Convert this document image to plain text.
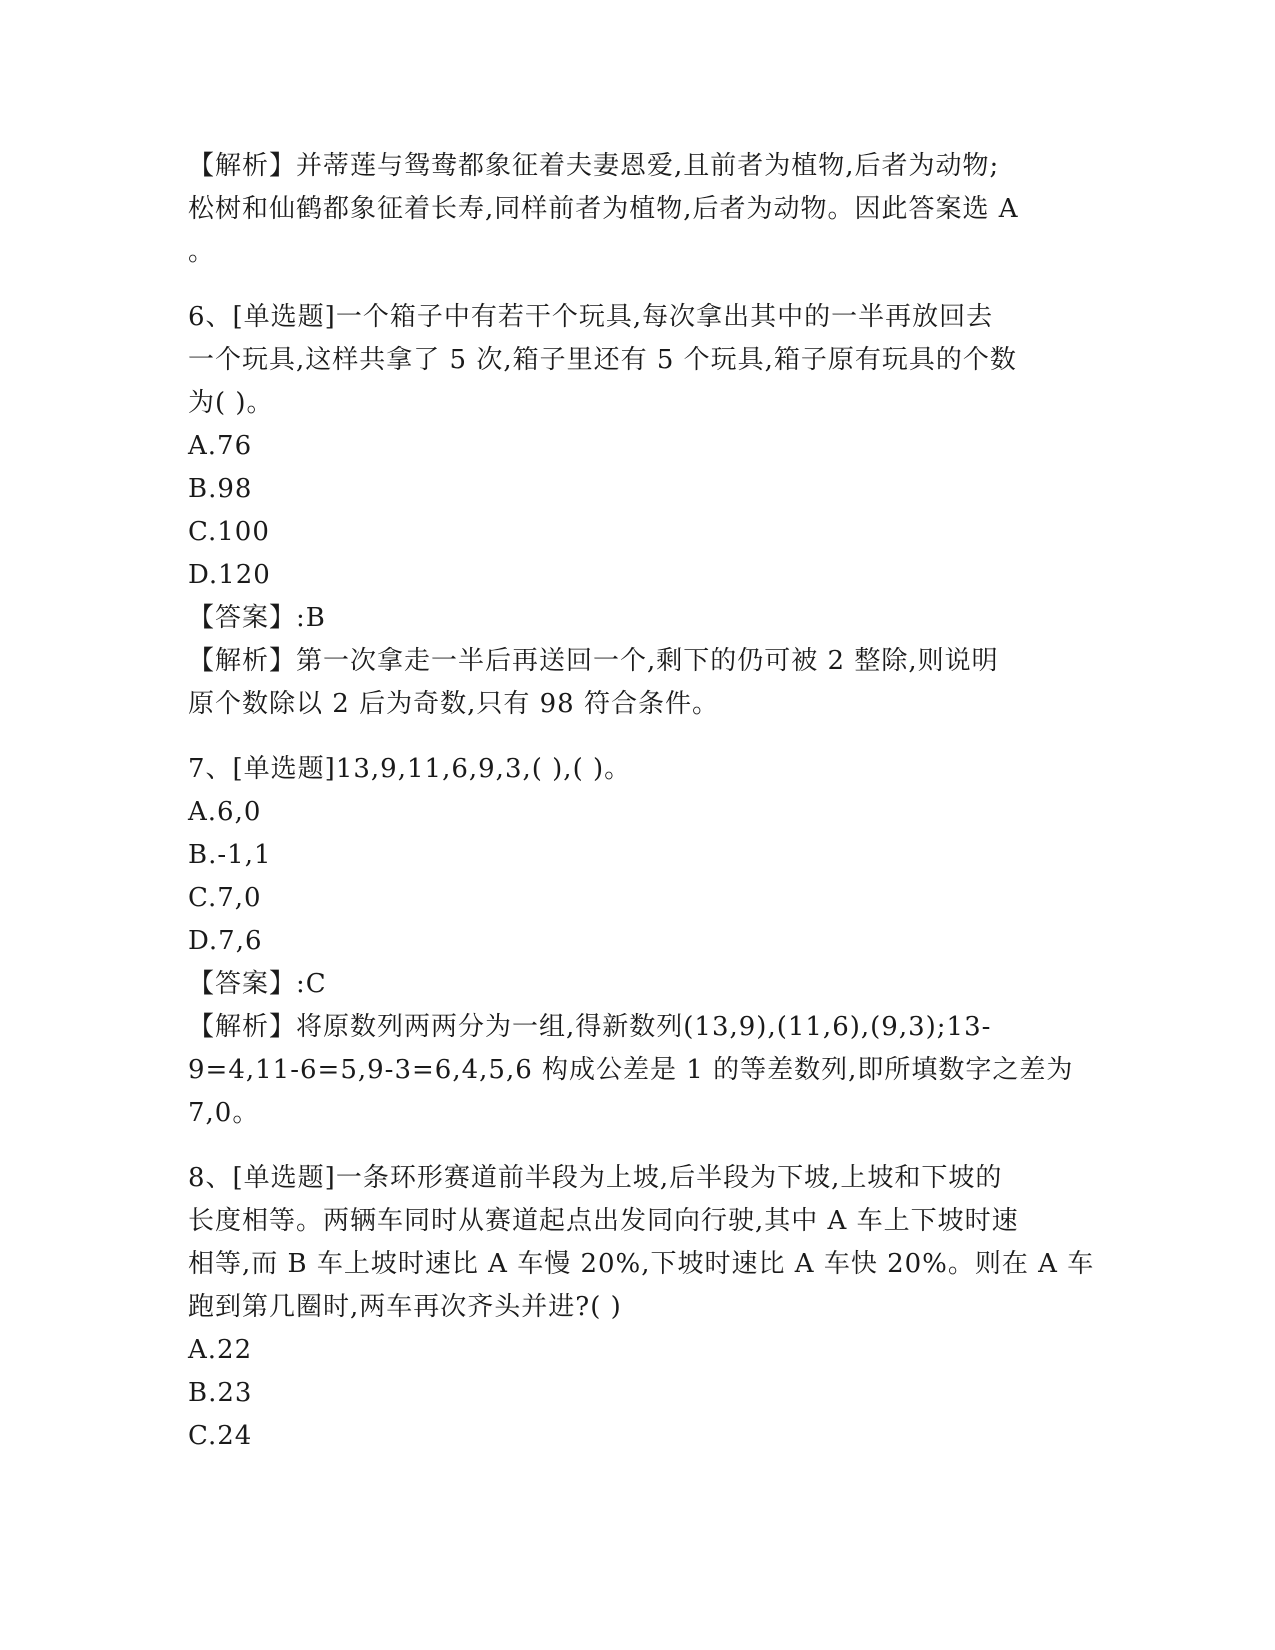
【解析】并蒂莲与鸳鸯都象征着夫妻恩爱,且前者为植物,后者为动物;
松树和仙鹤都象征着长寿,同样前者为植物,后者为动物。因此答案选 A
。
6、[单选题]一个箱子中有若干个玩具,每次拿出其中的一半再放回去
一个玩具,这样共拿了 5 次,箱子里还有 5 个玩具,箱子原有玩具的个数
为( )。
A.76
B.98
C.100
D.120
【答案】:B
【解析】第一次拿走一半后再送回一个,剩下的仍可被 2 整除,则说明
原个数除以 2 后为奇数,只有 98 符合条件。
7、[单选题]13,9,11,6,9,3,( ),( )。
A.6,0
B.-1,1
C.7,0
D.7,6
【答案】:C
【解析】将原数列两两分为一组,得新数列(13,9),(11,6),(9,3);13-
9=4,11-6=5,9-3=6,4,5,6 构成公差是 1 的等差数列,即所填数字之差为
7,0。
8、[单选题]一条环形赛道前半段为上坡,后半段为下坡,上坡和下坡的
长度相等。两辆车同时从赛道起点出发同向行驶,其中 A 车上下坡时速
相等,而 B 车上坡时速比 A 车慢 20%,下坡时速比 A 车快 20%。则在 A 车
跑到第几圈时,两车再次齐头并进?( )
A.22
B.23
C.24
